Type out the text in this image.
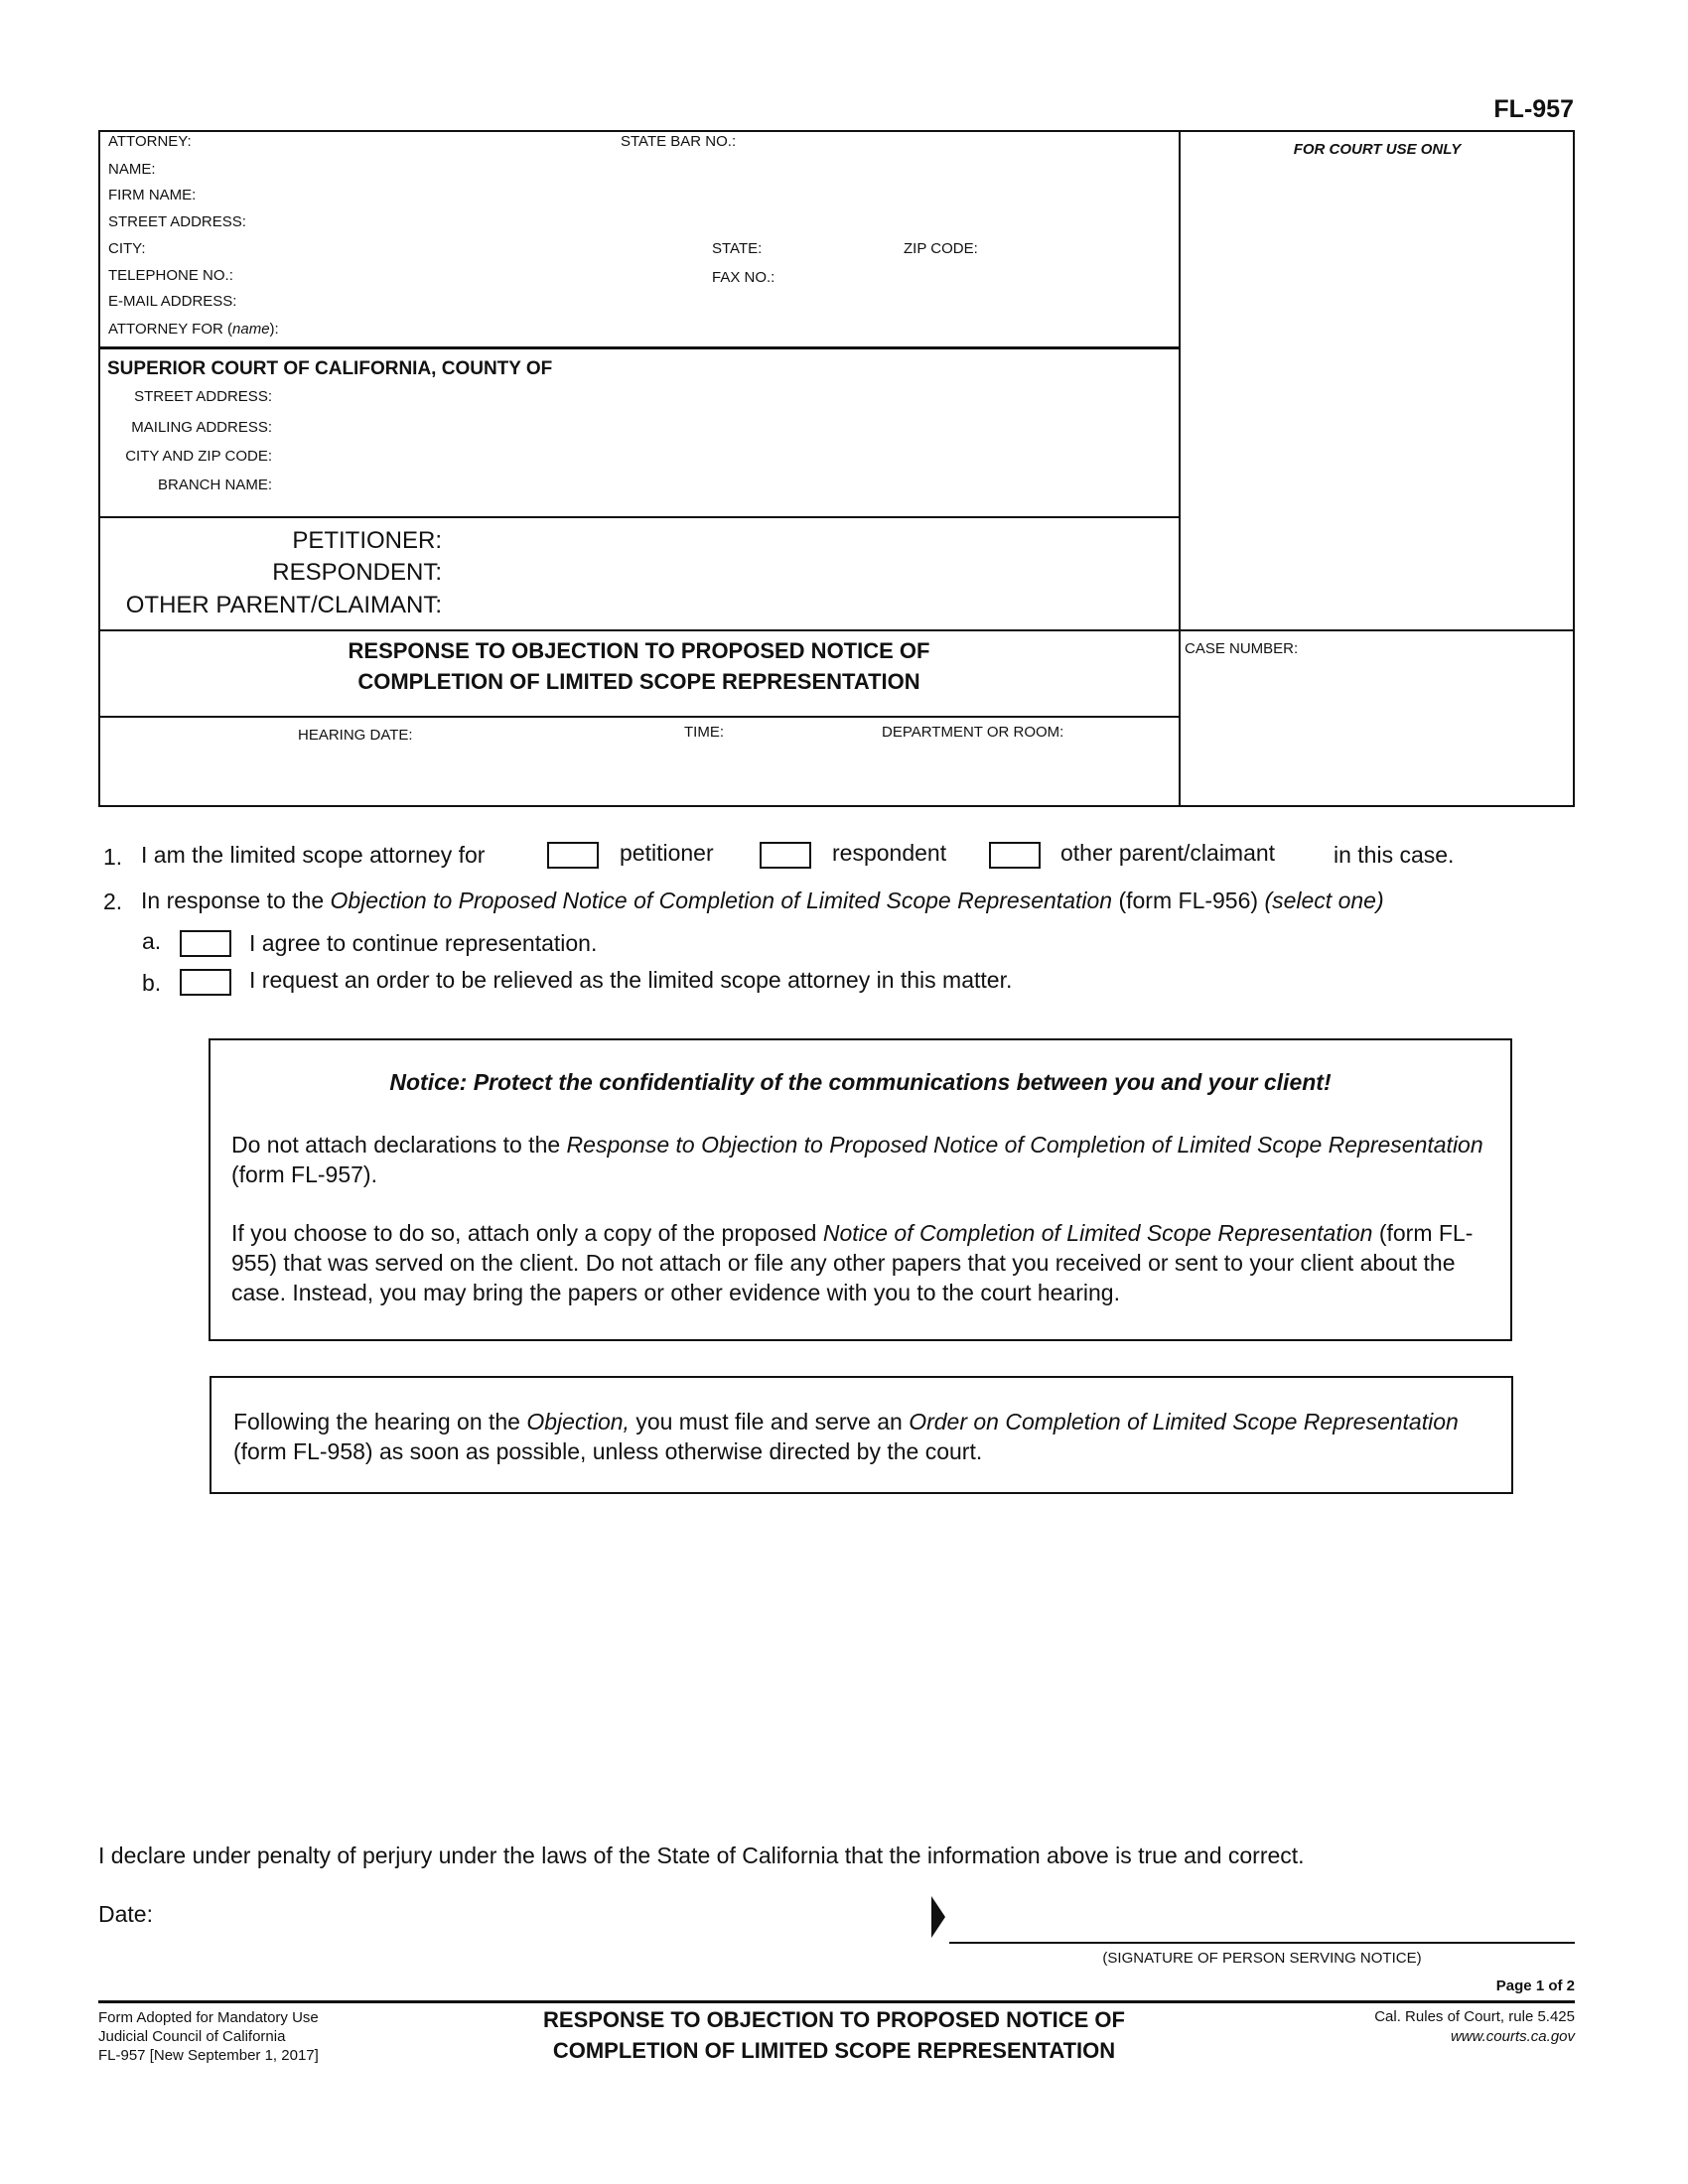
FL-957
ATTORNEY:	STATE BAR NO.:
NAME:
FIRM NAME:
STREET ADDRESS:
CITY:	STATE:	ZIP CODE:
TELEPHONE NO.:	FAX NO.:
E-MAIL ADDRESS:
ATTORNEY FOR (name):
FOR COURT USE ONLY
SUPERIOR COURT OF CALIFORNIA, COUNTY OF
STREET ADDRESS:
MAILING ADDRESS:
CITY AND ZIP CODE:
BRANCH NAME:
PETITIONER:
RESPONDENT:
OTHER PARENT/CLAIMANT:
RESPONSE TO OBJECTION TO PROPOSED NOTICE OF
COMPLETION OF LIMITED SCOPE REPRESENTATION
CASE NUMBER:
HEARING DATE:	TIME:	DEPARTMENT OR ROOM:
1. I am the limited scope attorney for	petitioner	respondent	other parent/claimant	in this case.
2. In response to the Objection to Proposed Notice of Completion of Limited Scope Representation (form FL-956) (select one)
a.	I agree to continue representation.
b.	I request an order to be relieved as the limited scope attorney in this matter.
Notice: Protect the confidentiality of the communications between you and your client!
Do not attach declarations to the Response to Objection to Proposed Notice of Completion of Limited Scope Representation (form FL-957).
If you choose to do so, attach only a copy of the proposed Notice of Completion of Limited Scope Representation (form FL-955) that was served on the client. Do not attach or file any other papers that you received or sent to your client about the case. Instead, you may bring the papers or other evidence with you to the court hearing.
Following the hearing on the Objection, you must file and serve an Order on Completion of Limited Scope Representation (form FL-958) as soon as possible, unless otherwise directed by the court.
I declare under penalty of perjury under the laws of the State of California that the information above is true and correct.
Date:
(SIGNATURE OF PERSON SERVING NOTICE)
Page 1 of 2
Form Adopted for Mandatory Use
Judicial Council of California
FL-957 [New September 1, 2017]
RESPONSE TO OBJECTION TO PROPOSED NOTICE OF
COMPLETION OF LIMITED SCOPE REPRESENTATION
Cal. Rules of Court, rule 5.425
www.courts.ca.gov
